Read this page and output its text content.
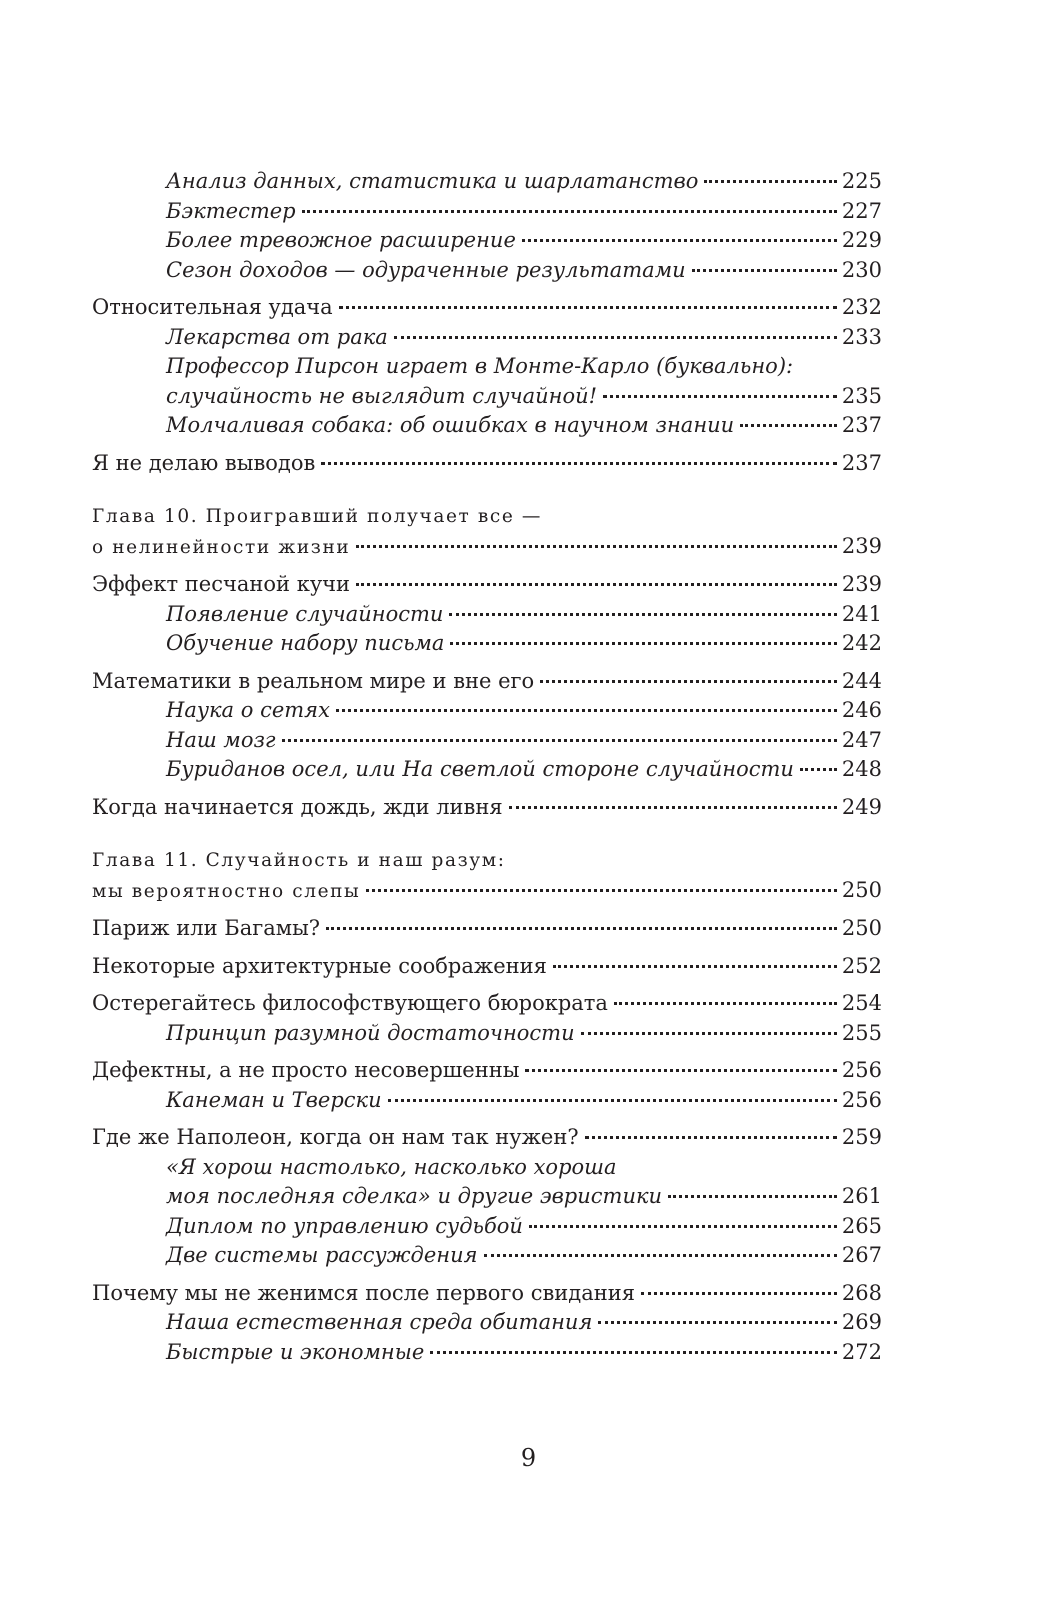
Анализ данных, статистика и шарлатанство	225
Бэктестер	227
Более тревожное расширение	229
Сезон доходов — одураченные результатами	230
Относительная удача	232
Лекарства от рака	233
Профессор Пирсон играет в Монте-Карло (буквально):
случайность не выглядит случайной!	235
Молчаливая собака: об ошибках в научном знании	237
Я не делаю выводов	237
Глава 10. Проигравший получает все —
о нелинейности жизни	239
Эффект песчаной кучи	239
Появление случайности	241
Обучение набору письма	242
Математики в реальном мире и вне его	244
Наука о сетях	246
Наш мозг	247
Буриданов осел, или На светлой стороне случайности 248
Когда начинается дождь, жди ливня	249
Глава 11. Случайность и наш разум:
мы вероятностно слепы	250
Париж или Багамы?	250
Некоторые архитектурные соображения	252
Остерегайтесь философствующего бюрократа	254
Принцип разумной достаточности	255
Дефектны, а не просто несовершенны	256
Канеман и Тверски	256
Где же Наполеон, когда он нам так нужен?	259
«Я хорош настолько, насколько хороша
моя последняя сделка» и другие эвристики	261
Диплом по управлению судьбой	265
Две системы рассуждения	267
Почему мы не женимся после первого свидания	268
Наша естественная среда обитания	269
Быстрые и экономные	272
9
